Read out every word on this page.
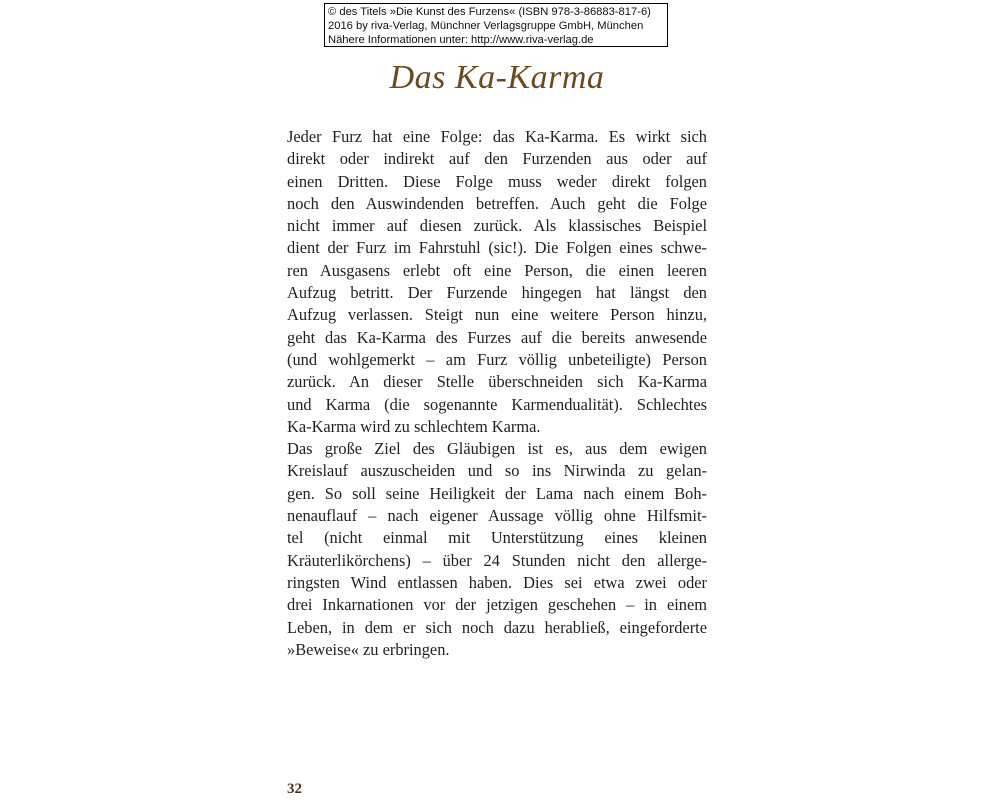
© des Titels »Die Kunst des Furzens« (ISBN 978-3-86883-817-6)
2016 by riva-Verlag, Münchner Verlagsgruppe GmbH, München
Nähere Informationen unter: http://www.riva-verlag.de
Das Ka-Karma

Jeder Furz hat eine Folge: das Ka-Karma. Es wirkt sich
direkt oder indirekt auf den Furzenden aus oder auf
einen Dritten. Diese Folge muss weder direkt folgen
noch den Auswindenden betreffen. Auch geht die Folge
nicht immer auf diesen zurück. Als klassisches Beispiel
dient der Furz im Fahrstuhl (sic!). Die Folgen eines schwe-
ren Ausgasens erlebt oft eine Person, die einen leeren
Aufzug betritt. Der Furzende hingegen hat längst den
Aufzug verlassen. Steigt nun eine weitere Person hinzu,
geht das Ka-Karma des Furzes auf die bereits anwesende
(und wohlgemerkt – am Furz völlig unbeteiligte) Person
zurück. An dieser Stelle überschneiden sich Ka-Karma
und Karma (die sogenannte Karmendualität). Schlechtes
Ka-Karma wird zu schlechtem Karma.

Das große Ziel des Gläubigen ist es, aus dem ewigen
Kreislauf auszuscheiden und so ins Nirwinda zu gelan-
gen. So soll seine Heiligkeit der Lama nach einem Boh-
nenauflauf – nach eigener Aussage völlig ohne Hilfsmit-
tel (nicht einmal mit Unterstützung eines kleinen
Kräuterlikörchens) – über 24 Stunden nicht den allerge-
ringsten Wind entlassen haben. Dies sei etwa zwei oder
drei Inkarnationen vor der jetzigen geschehen – in einem
Leben, in dem er sich noch dazu herabließ, eingeforderte
»Beweise« zu erbringen.

32
